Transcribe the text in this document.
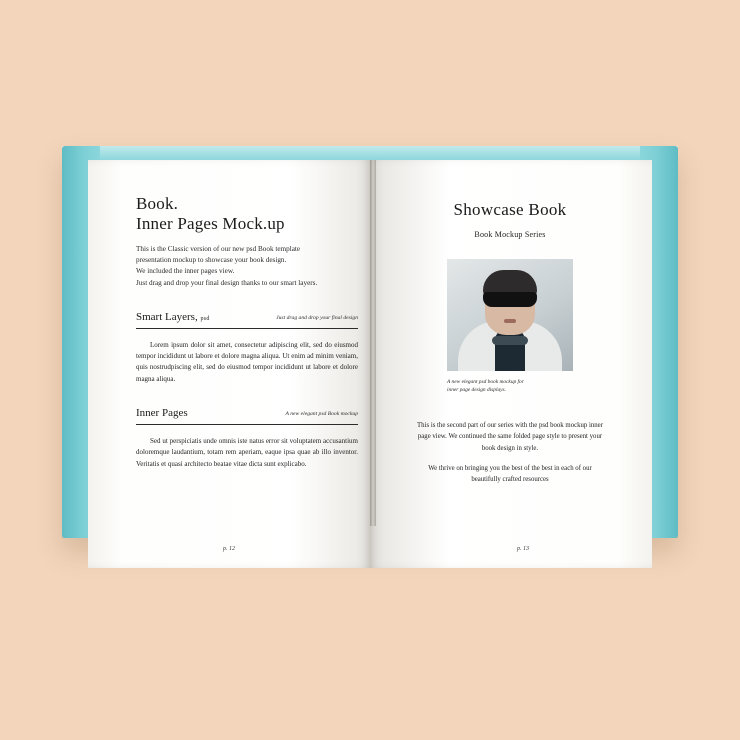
Book.
Inner Pages Mock.up
This is the Classic version of our new psd Book template
presentation mockup to showcase your book design.
We included the inner pages view.
Just drag and drop your final design thanks to our smart layers.
Smart Layers, psd	Just drag and drop your final design
Lorem ipsum dolor sit amet, consectetur adipiscing elit, sed do eiusmod tempor incididunt ut labore et dolore magna aliqua. Ut enim ad minim veniam, quis nostrudpiscing elit, sed do eiusmod tempor incididunt ut labore et dolore magna aliqua.
Inner Pages	A new elegant psd Book mockup
Sed ut perspiciatis unde omnis iste natus error sit voluptatem accusantium doloremque laudantium, totam rem aperiam, eaque ipsa quae ab illo inventor. Veritatis et quasi architecto beatae vitae dicta sunt explicabo.
p. 12
Showcase Book
Book Mockup Series
A new elegant psd book mockup for
inner page design displays.

This is the second part of our series with the psd book mockup inner page view. We continued the same folded page style to present your book design in style.

We thrive on bringing you the best of the best in each of our beautifully crafted resources

p. 13
